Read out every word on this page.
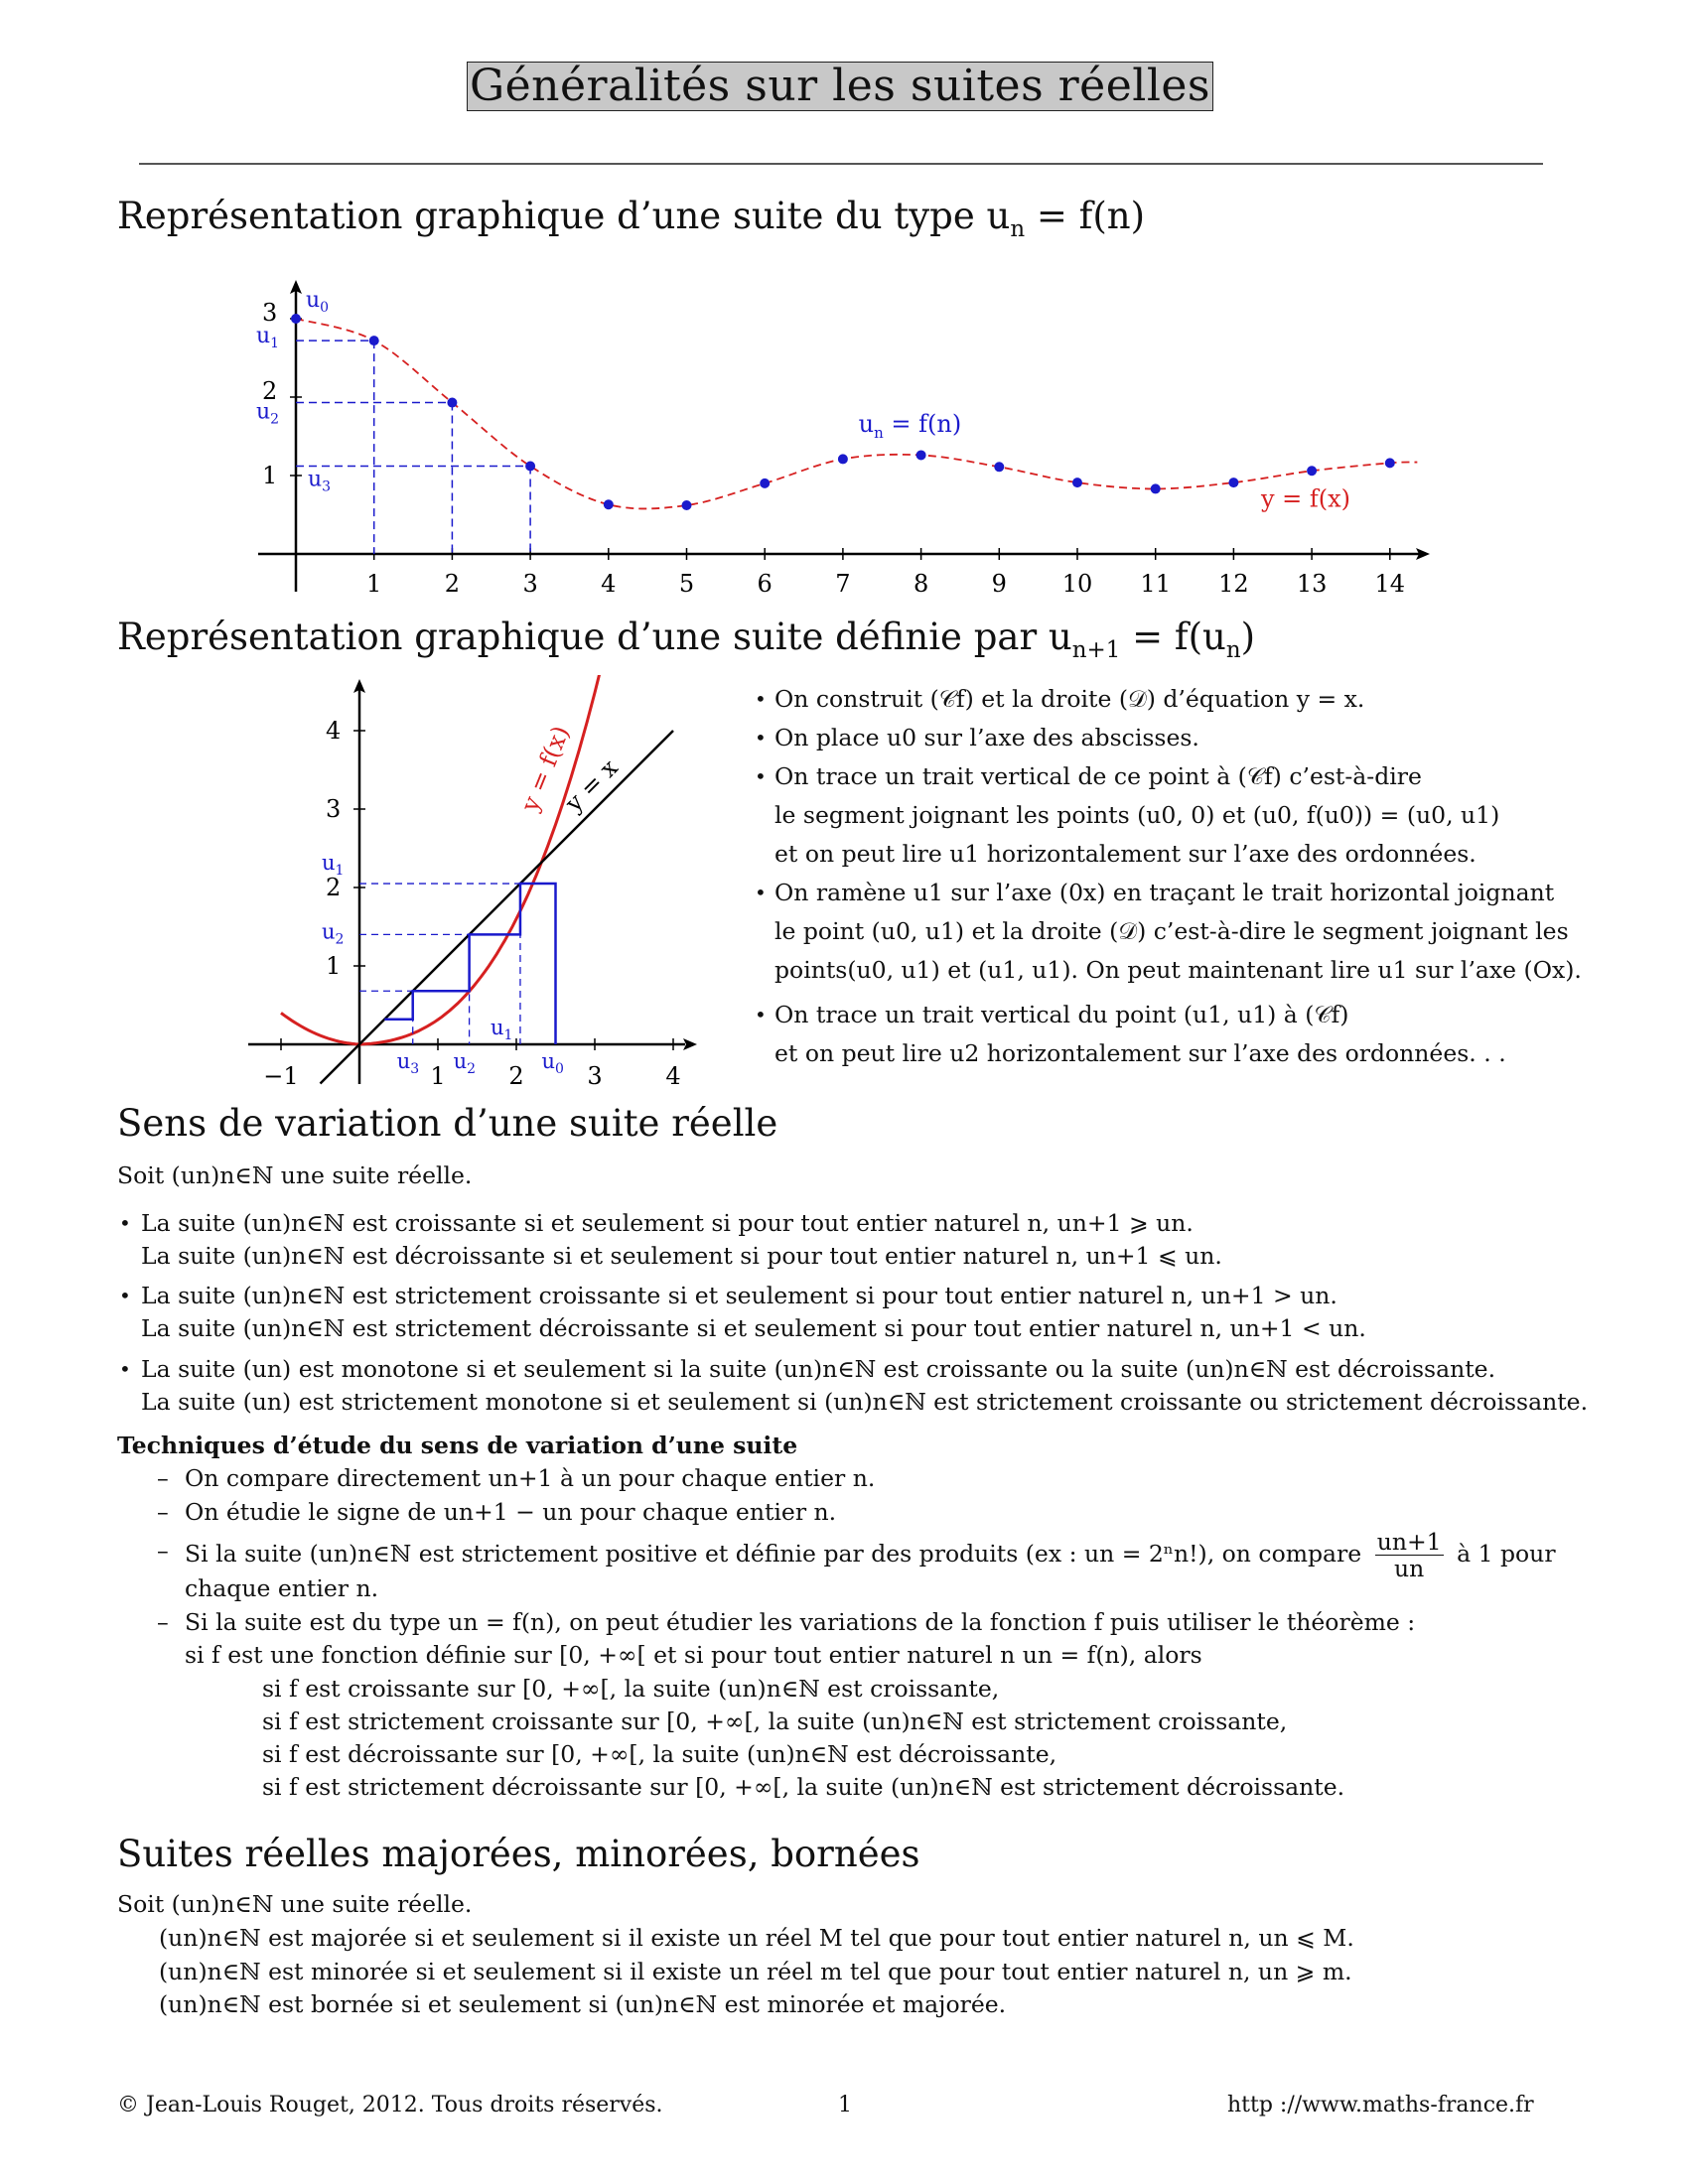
Généralités sur les suites réelles
Représentation graphique d’une suite du type $u_n = f(n)$
1	2	3	4	5	6	7	8	9 10 11 12 13 14
1
2
3 $u_0$
$u_1$
$u_2$
$u_3$
$u_n = f(n)$
y = f(x)
Représentation graphique d’une suite définie par $u_{n+1} = f(u_n)$
−1	1	2	3	4
1
2
3
4
$u_0$
$u_2$
$u_3$
$u_1$
$u_1$
$u_2$
y = f(x)
y = x
• On construit (𝒞f) et la droite (𝒟) d’équation y = x.
• On place u0 sur l’axe des abscisses.
• On trace un trait vertical de ce point à (𝒞f) c’est-à-dire
le segment joignant les points (u0, 0) et (u0, f(u0)) = (u0, u1)
et on peut lire u1 horizontalement sur l’axe des ordonnées.
• On ramène u1 sur l’axe (0x) en traçant le trait horizontal joignant
le point (u0, u1) et la droite (𝒟) c’est-à-dire le segment joignant les
points(u0, u1) et (u1, u1). On peut maintenant lire u1 sur l’axe (Ox).
• On trace un trait vertical du point (u1, u1) à (𝒞f)
et on peut lire u2 horizontalement sur l’axe des ordonnées. . .
Sens de variation d’une suite réelle
Soit (un)n∈ℕ une suite réelle.
• La suite (un)n∈ℕ est croissante si et seulement si pour tout entier naturel n, un+1 ⩾ un.
La suite (un)n∈ℕ est décroissante si et seulement si pour tout entier naturel n, un+1 ⩽ un.
• La suite (un)n∈ℕ est strictement croissante si et seulement si pour tout entier naturel n, un+1 > un.
La suite (un)n∈ℕ est strictement décroissante si et seulement si pour tout entier naturel n, un+1 < un.
• La suite (un) est monotone si et seulement si la suite (un)n∈ℕ est croissante ou la suite (un)n∈ℕ est décroissante.
La suite (un) est strictement monotone si et seulement si (un)n∈ℕ est strictement croissante ou strictement décroissante.
Techniques d’étude du sens de variation d’une suite

– On compare directement un+1 à un pour chaque entier n.

– On étudie le signe de un+1 − un pour chaque entier n.

– Si la suite (un)n∈ℕ est strictement positive et définie par des produits (ex : un = 2ⁿn!), on compare $\frac{un+1}{un}$ à 1 pour

chaque entier n.

– Si la suite est du type un = f(n), on peut étudier les variations de la fonction f puis utiliser le théorème :

si f est une fonction définie sur [0, +∞[ et si pour tout entier naturel n un = f(n), alors

si f est croissante sur [0, +∞[, la suite (un)n∈ℕ est croissante,

si f est strictement croissante sur [0, +∞[, la suite (un)n∈ℕ est strictement croissante,

si f est décroissante sur [0, +∞[, la suite (un)n∈ℕ est décroissante,

si f est strictement décroissante sur [0, +∞[, la suite (un)n∈ℕ est strictement décroissante.

Suites réelles majorées, minorées, bornées
Soit (un)n∈ℕ une suite réelle.

(un)n∈ℕ est majorée si et seulement si il existe un réel M tel que pour tout entier naturel n, un ⩽ M.

(un)n∈ℕ est minorée si et seulement si il existe un réel m tel que pour tout entier naturel n, un ⩾ m.

(un)n∈ℕ est bornée si et seulement si (un)n∈ℕ est minorée et majorée.

© Jean-Louis Rouget, 2012. Tous droits réservés.	1	http ://www.maths-france.fr
